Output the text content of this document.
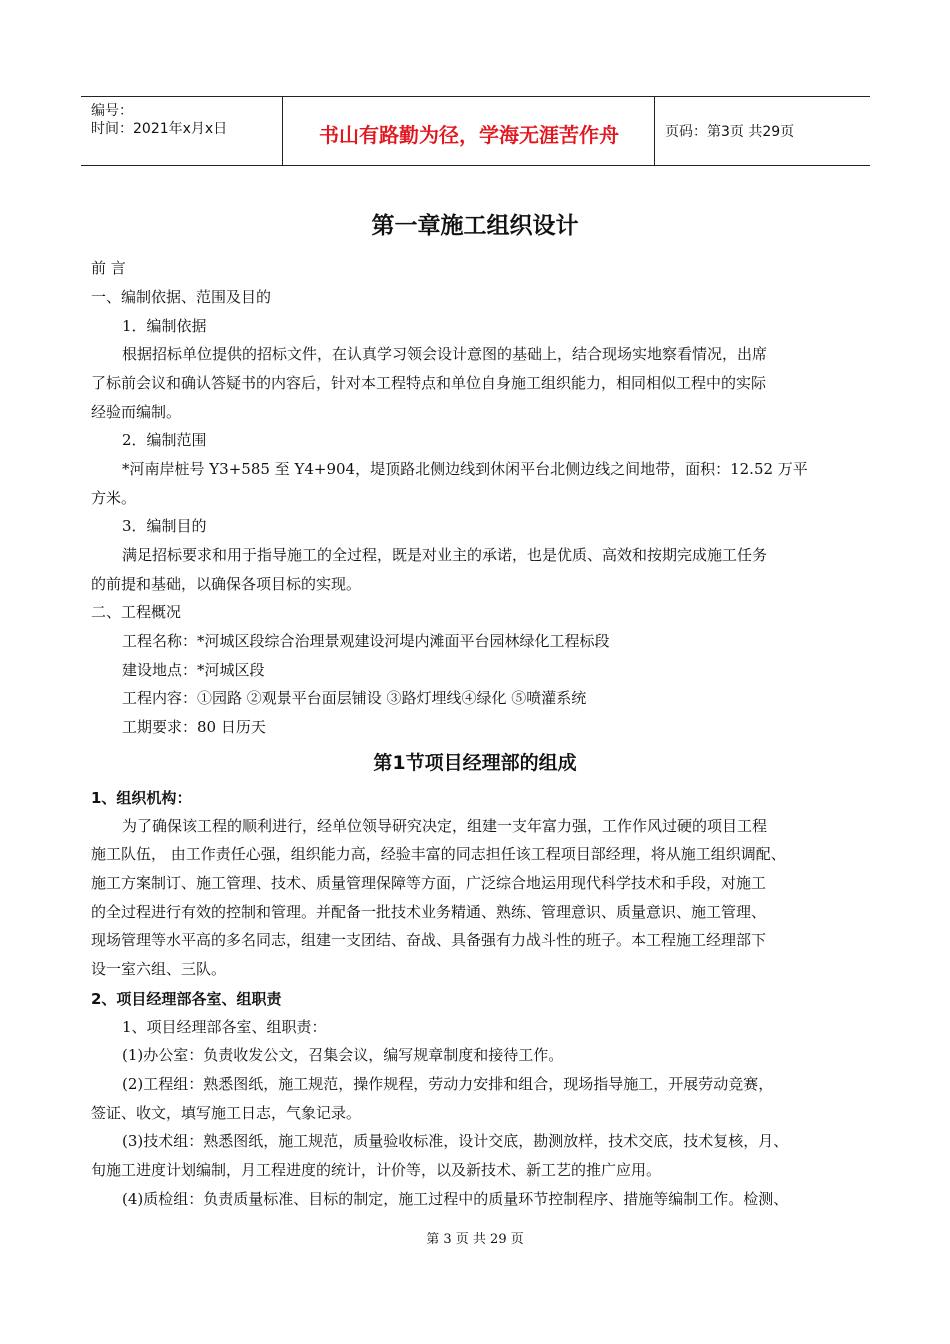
编号：
时间：2021年x月x日	书山有路勤为径，学海无涯苦作舟	页码：第3页 共29页
第一章施工组织设计
前 言
一、编制依据、范围及目的
1．编制依据
根据招标单位提供的招标文件，在认真学习领会设计意图的基础上，结合现场实地察看情况，出席
了标前会议和确认答疑书的内容后，针对本工程特点和单位自身施工组织能力，相同相似工程中的实际
经验而编制。
2．编制范围
*河南岸桩号 Y3+585 至 Y4+904，堤顶路北侧边线到休闲平台北侧边线之间地带，面积：12.52 万平
方米。
3．编制目的
满足招标要求和用于指导施工的全过程，既是对业主的承诺，也是优质、高效和按期完成施工任务
的前提和基础，以确保各项目标的实现。
二、工程概况
工程名称：*河城区段综合治理景观建设河堤内滩面平台园林绿化工程标段
建设地点：*河城区段
工程内容：①园路 ②观景平台面层铺设 ③路灯埋线④绿化 ⑤喷灌系统
工期要求：80 日历天
第1节项目经理部的组成
1、组织机构：
为了确保该工程的顺利进行，经单位领导研究决定，组建一支年富力强，工作作风过硬的项目工程
施工队伍， 由工作责任心强，组织能力高，经验丰富的同志担任该工程项目部经理，将从施工组织调配、
施工方案制订、施工管理、技术、质量管理保障等方面，广泛综合地运用现代科学技术和手段，对施工
的全过程进行有效的控制和管理。并配备一批技术业务精通、熟练、管理意识、质量意识、施工管理、
现场管理等水平高的多名同志，组建一支团结、奋战、具备强有力战斗性的班子。本工程施工经理部下
设一室六组、三队。
2、项目经理部各室、组职责
1、项目经理部各室、组职责：
(1)办公室：负责收发公文，召集会议，编写规章制度和接待工作。
(2)工程组：熟悉图纸，施工规范，操作规程，劳动力安排和组合，现场指导施工，开展劳动竞赛，
签证、收文，填写施工日志，气象记录。
(3)技术组：熟悉图纸，施工规范，质量验收标准，设计交底，勘测放样，技术交底，技术复核，月、
旬施工进度计划编制，月工程进度的统计，计价等，以及新技术、新工艺的推广应用。
(4)质检组：负责质量标准、目标的制定，施工过程中的质量环节控制程序、措施等编制工作。检测、
第 3 页 共 29 页
